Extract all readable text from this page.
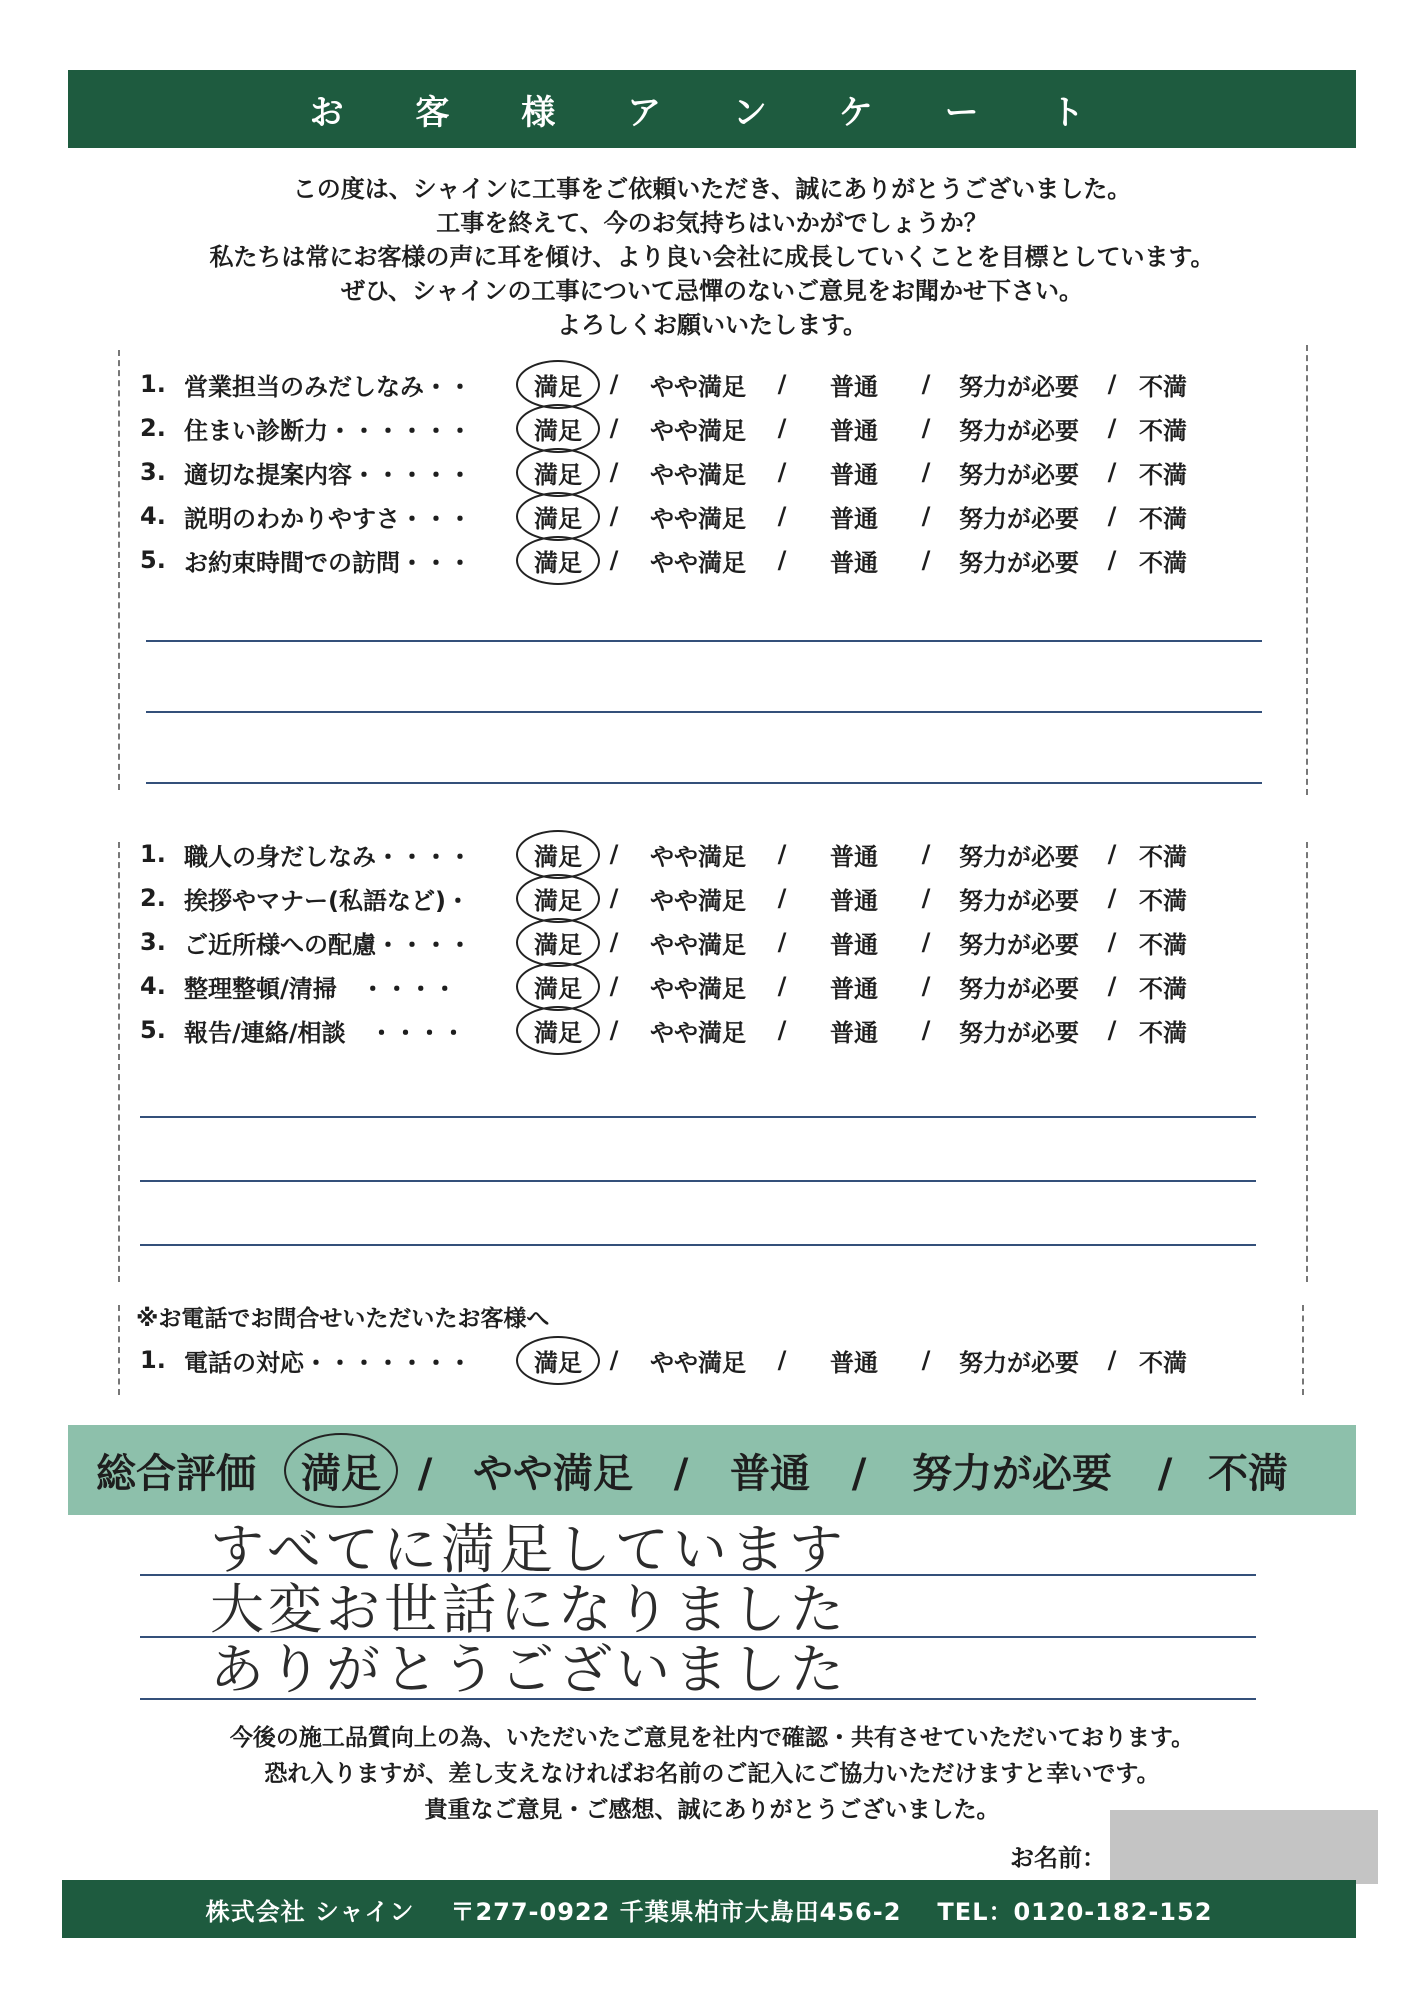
お 客 様 ア ン ケ ー ト
この度は、シャインに工事をご依頼いただき、誠にありがとうございました。
工事を終えて、今のお気持ちはいかがでしょうか？
私たちは常にお客様の声に耳を傾け、より良い会社に成長していくことを目標としています。
ぜひ、シャインの工事について忌憚のないご意見をお聞かせ下さい。
よろしくお願いいたします。
1. 営業担当のみだしなみ・・	満足	/	やや満足	/	普通	/	努力が必要	/ 不満
2. 住まい診断力・・・・・・	満足	/	やや満足	/	普通	/	努力が必要	/ 不満
3. 適切な提案内容・・・・・	満足	/	やや満足	/	普通	/	努力が必要	/ 不満
4. 説明のわかりやすさ・・・	満足	/	やや満足	/	普通	/	努力が必要	/ 不満
5. お約束時間での訪問・・・	満足	/	やや満足	/	普通	/	努力が必要	/ 不満
1. 職人の身だしなみ・・・・	満足	/	やや満足	/	普通	/	努力が必要	/ 不満
2. 挨拶やマナー(私語など)・	満足	/	やや満足	/	普通	/	努力が必要	/ 不満
3. ご近所様への配慮・・・・	満足	/	やや満足	/	普通	/	努力が必要	/ 不満
4. 整理整頓/清掃　・・・・	満足	/	やや満足	/	普通	/	努力が必要	/ 不満
5. 報告/連絡/相談　・・・・	満足	/	やや満足	/	普通	/	努力が必要	/ 不満
※お電話でお問合せいただいたお客様へ
1. 電話の対応・・・・・・・	満足	/	やや満足	/	普通	/	努力が必要	/ 不満
総合評価	満足 / やや満足 / 普通 / 努力が必要 / 不満
すべてに満足しています
大変お世話になりました
ありがとうございました
今後の施工品質向上の為、いただいたご意見を社内で確認・共有させていただいております。
恐れ入りますが、差し支えなければお名前のご記入にご協力いただけますと幸いです。
貴重なご意見・ご感想、誠にありがとうございました。
お名前：
株式会社 シャイン 〒277-0922 千葉県柏市大島田456-2 TEL：0120-182-152
